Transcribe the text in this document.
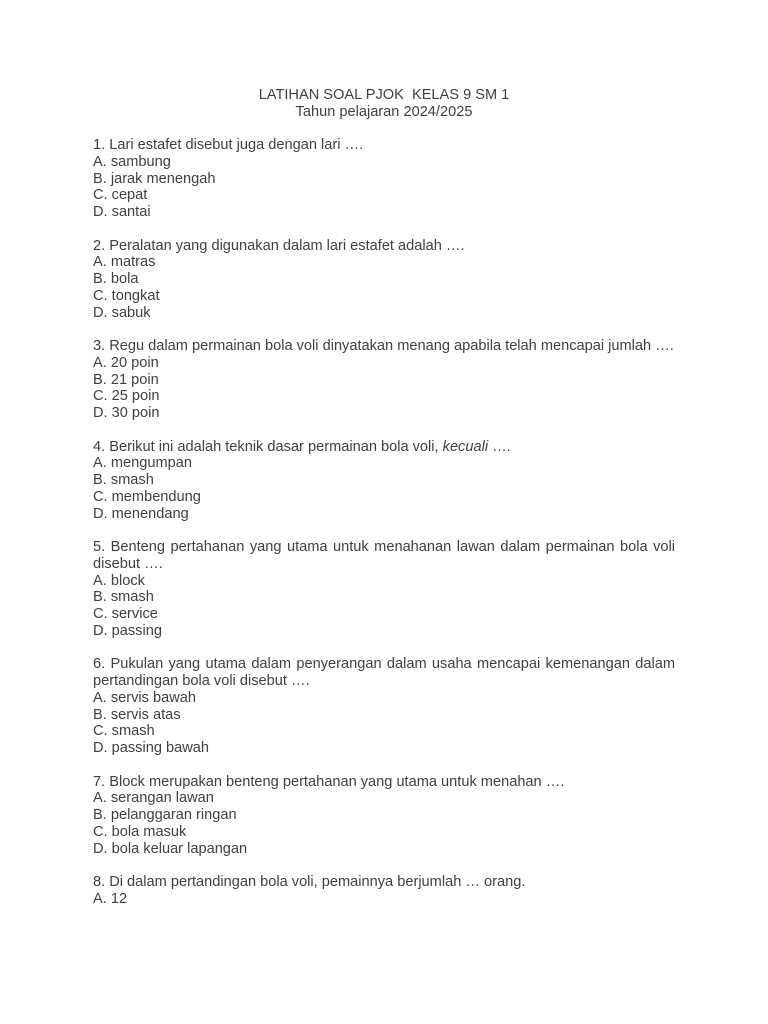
LATIHAN SOAL PJOK  KELAS 9 SM 1
Tahun pelajaran 2024/2025
1. Lari estafet disebut juga dengan lari ….
A. sambung
B. jarak menengah
C. cepat
D. santai
2. Peralatan yang digunakan dalam lari estafet adalah ….
A. matras
B. bola
C. tongkat
D. sabuk
3. Regu dalam permainan bola voli dinyatakan menang apabila telah mencapai jumlah ….
A. 20 poin
B. 21 poin
C. 25 poin
D. 30 poin
4. Berikut ini adalah teknik dasar permainan bola voli, kecuali ….
A. mengumpan
B. smash
C. membendung
D. menendang
5. Benteng pertahanan yang utama untuk menahanan lawan dalam permainan bola voli disebut ….
A. block
B. smash
C. service
D. passing
6. Pukulan yang utama dalam penyerangan dalam usaha mencapai kemenangan dalam pertandingan bola voli disebut ….
A. servis bawah
B. servis atas
C. smash
D. passing bawah
7. Block merupakan benteng pertahanan yang utama untuk menahan ….
A. serangan lawan
B. pelanggaran ringan
C. bola masuk
D. bola keluar lapangan
8. Di dalam pertandingan bola voli, pemainnya berjumlah … orang.
A. 12
